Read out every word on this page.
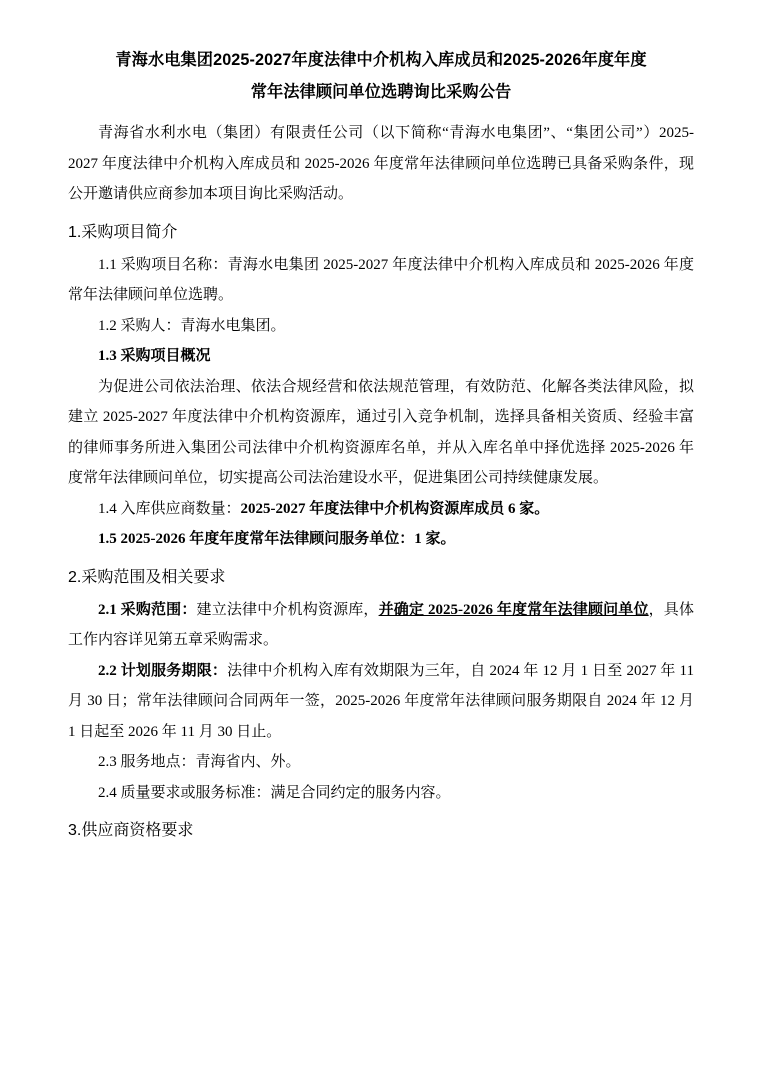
青海水电集团2025-2027年度法律中介机构入库成员和2025-2026年度年度
常年法律顾问单位选聘询比采购公告

青海省水利水电（集团）有限责任公司（以下简称“青海水电集团”、“集团公司”）2025-2027 年度法律中介机构入库成员和 2025-2026 年度常年法律顾问单位选聘已具备采购条件，现公开邀请供应商参加本项目询比采购活动。

1.采购项目简介

1.1 采购项目名称：青海水电集团 2025-2027 年度法律中介机构入库成员和 2025-2026 年度常年法律顾问单位选聘。

1.2 采购人：青海水电集团。

1.3 采购项目概况

为促进公司依法治理、依法合规经营和依法规范管理，有效防范、化解各类法律风险，拟建立 2025-2027 年度法律中介机构资源库，通过引入竞争机制，选择具备相关资质、经验丰富的律师事务所进入集团公司法律中介机构资源库名单，并从入库名单中择优选择 2025-2026 年度常年法律顾问单位，切实提高公司法治建设水平，促进集团公司持续健康发展。

1.4 入库供应商数量：2025-2027 年度法律中介机构资源库成员 6 家。

1.5 2025-2026 年度年度常年法律顾问服务单位：1 家。

2.采购范围及相关要求

2.1 采购范围：建立法律中介机构资源库，并确定 2025-2026 年度常年法律顾问单位，具体工作内容详见第五章采购需求。

2.2 计划服务期限：法律中介机构入库有效期限为三年，自 2024 年 12 月 1 日至 2027 年 11 月 30 日；常年法律顾问合同两年一签，2025-2026 年度常年法律顾问服务期限自 2024 年 12 月 1 日起至 2026 年 11 月 30 日止。

2.3 服务地点：青海省内、外。

2.4 质量要求或服务标准：满足合同约定的服务内容。

3.供应商资格要求
